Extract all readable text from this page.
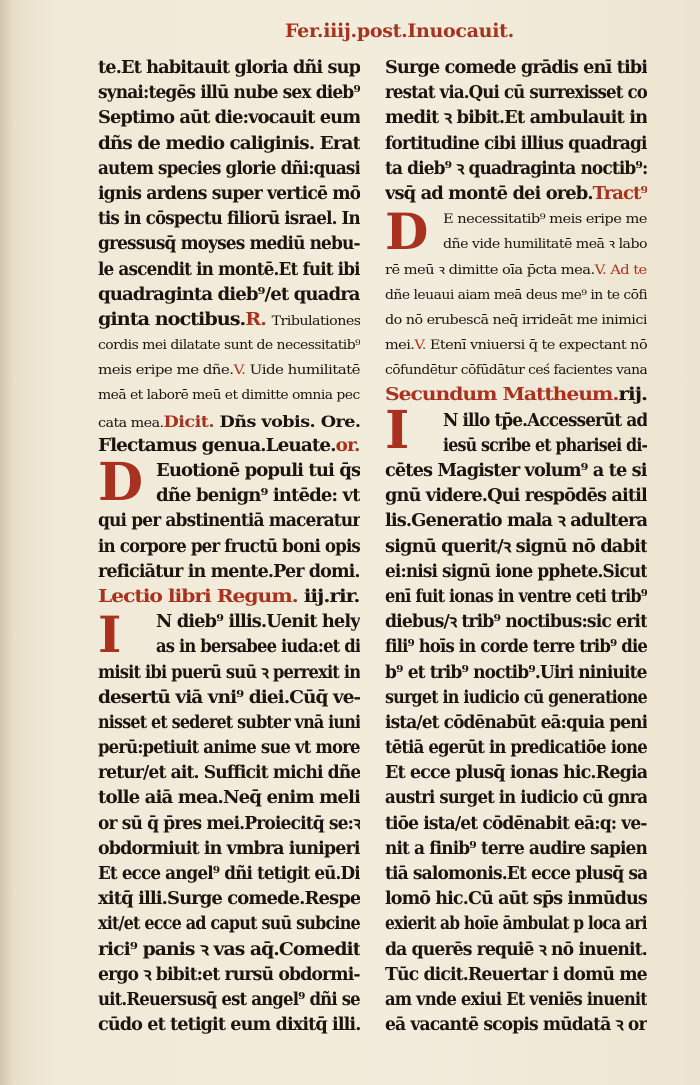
Fer.iiij.post.Inuocauit.
te.Et habitauit gloria dñi sup
synai:tegēs illū nube sex dieb⁹
Septimo aūt die:vocauit eum
dñs de medio caliginis. Erat
autem species glorie dñi:quasi
ignis ardens super verticē mō
tis in cōspectu filiorū israel. In
gressusq̄ moyses mediū nebu-
le ascendit in montē.Et fuit ibi
quadraginta dieb⁹/et quadra
ginta noctibus.R. Tribulationes
cordis mei dilatate sunt de necessitatib⁹
meis eripe me dñe.V. Uide humilitatē
meā et laborē meū et dimitte omnia pec
cata mea.Dicit. Dñs vobis. Ore.
Flectamus genua.Leuate.or.
D Euotionē populi tui q̄s
dñe benign⁹ intēde: vt
qui per abstinentiā maceratur
in corpore per fructū boni opis
reficiātur in mente.Per domi.
Lectio libri Regum. iij.rir.
I	N dieb⁹ illis.Uenit hely
as in bersabee iuda:et di
misit ibi puerū suū ꝛ perrexit in
desertū viā vni⁹ diei.Cūq̄ ve-
nisset et sederet subter vnā iuni
perū:petiuit anime sue vt more
retur/et ait. Sufficit michi dñe
tolle aiā mea.Neq̄ enim meli
or sū q̄ p̄res mei.Proiecitq̄ se:ꝛ
obdormiuit in vmbra iuniperi
Et ecce angel⁹ dñi tetigit eū.Di
xitq̄ illi.Surge comede.Respe
xit/et ecce ad caput suū subcine
rici⁹ panis ꝛ vas aq̄.Comedit
ergo ꝛ bibit:et rursū obdormi-
uit.Reuersusq̄ est angel⁹ dñi se
cūdo et tetigit eum dixitq̄ illi.
Surge comede grādis enī tibi
restat via.Qui cū surrexisset co
medit ꝛ bibit.Et ambulauit in
fortitudine cibi illius quadragi
ta dieb⁹ ꝛ quadraginta noctib⁹:
vsq̄ ad montē dei oreb.Tract⁹
D	E necessitatib⁹ meis eripe me
dñe vide humilitatē meā ꝛ labo
rē meū ꝛ dimitte oīa p̄cta mea.V. Ad te
dñe leuaui aiam meā deus me⁹ in te cōfi
do nō erubescā neq̄ irrideāt me inimici
mei.V. Etenī vniuersi q̄ te expectant nō
cōfundētur cōfūdātur ceś facientes vana
Secundum Mattheum.rij.
I	N illo tp̄e.Accesserūt ad
iesū scribe et pharisei di-
cētes Magister volum⁹ a te si
gnū videre.Qui respōdēs aitil
lis.Generatio mala ꝛ adultera
signū querit/ꝛ signū nō dabit
ei:nisi signū ione pphete.Sicut
enī fuit ionas in ventre ceti trib⁹
diebus/ꝛ trib⁹ noctibus:sic erit
fili⁹ hoīs in corde terre trib⁹ die
b⁹ et trib⁹ noctib⁹.Uiri niniuite
surget in iudicio cū generatione
ista/et cōdēnabūt eā:quia peni
tētiā egerūt in predicatiōe ione
Et ecce plusq̄ ionas hic.Regia
austri surget in iudicio cū gnra
tiōe ista/et cōdēnabit eā:q: ve-
nit a finib⁹ terre audire sapien
tiā salomonis.Et ecce plusq̄ sa
lomō hic.Cū aūt sp̄s inmūdus
exierit ab hoīe āmbulat p loca ari
da querēs requiē ꝛ nō inuenit.
Tūc dicit.Reuertar i domū me
am vnde exiui Et veniēs inuenit
eā vacantē scopis mūdatā ꝛ or
